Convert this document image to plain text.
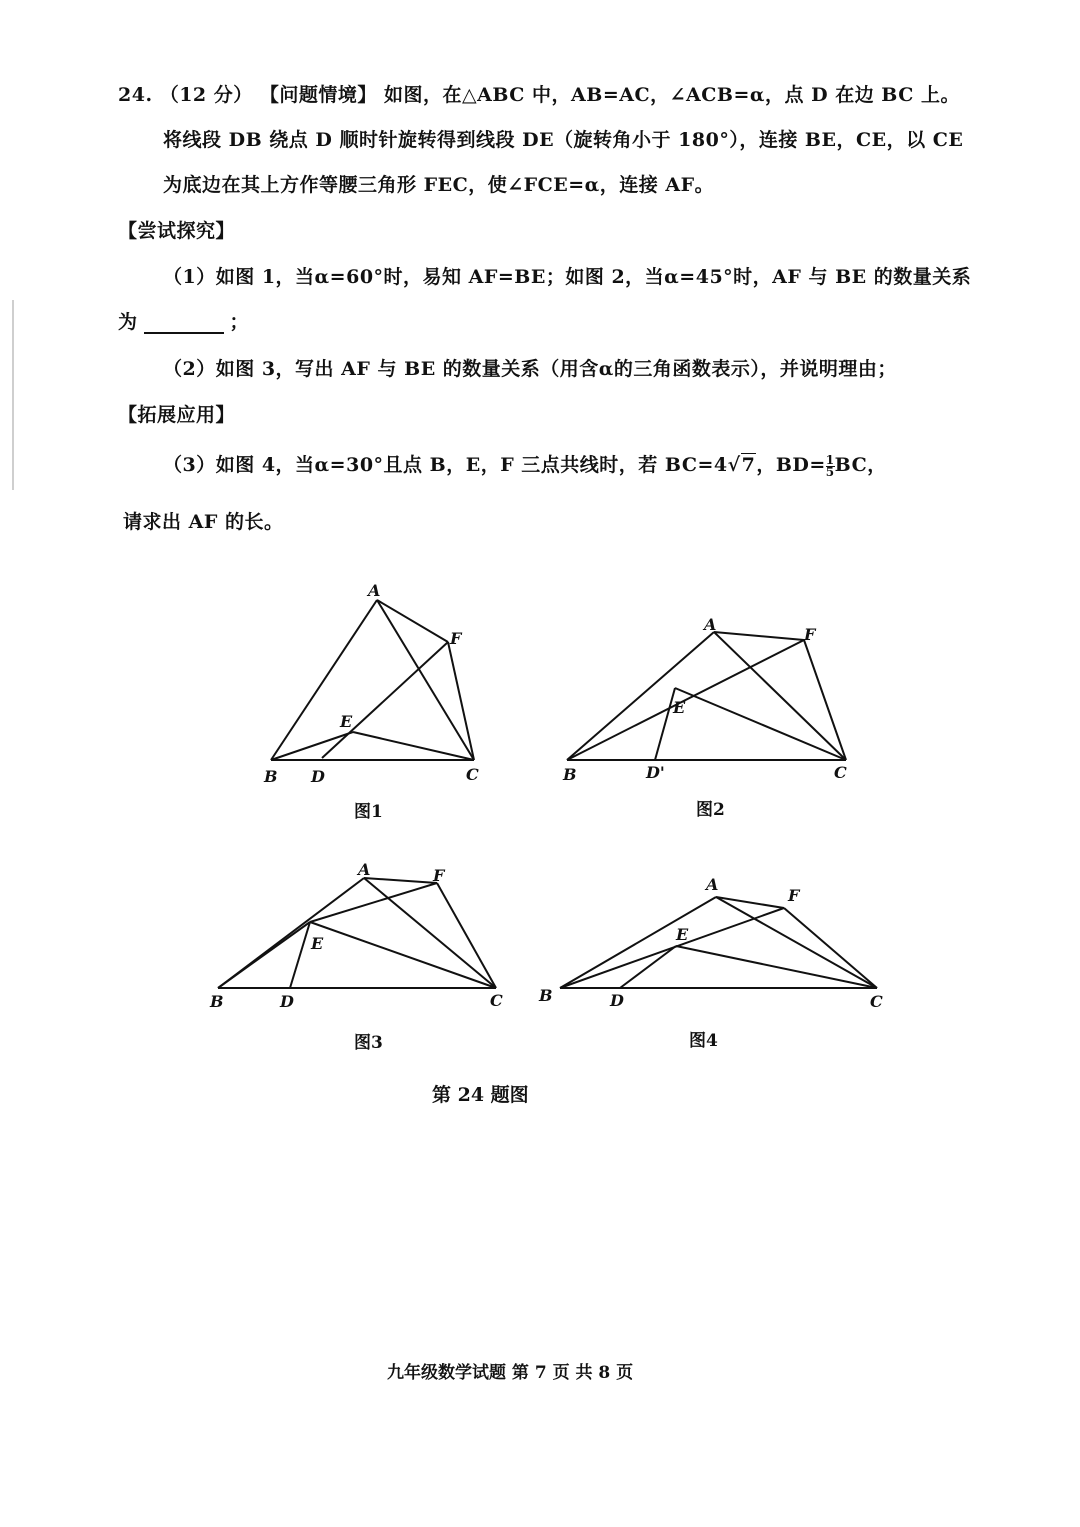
24. （12 分） 【问题情境】 如图，在△ABC 中，AB=AC，∠ACB=α，点 D 在边 BC 上。
将线段 DB 绕点 D 顺时针旋转得到线段 DE（旋转角小于 180°），连接 BE，CE，以 CE
为底边在其上方作等腰三角形 FEC，使∠FCE=α，连接 AF。
【尝试探究】
（1）如图 1，当α=60°时，易知 AF=BE；如图 2，当α=45°时，AF 与 BE 的数量关系
为	；
（2）如图 3，写出 AF 与 BE 的数量关系（用含α的三角函数表示），并说明理由；
【拓展应用】
（3）如图 4，当α=30°且点 B，E，F 三点共线时，若 BC=4√7，$BD= \frac{1}{5}$ BC，
请求出 AF 的长。
A
F
E
B D	C
A
F
E
B	D'	C
A	F
E
B	D	C
A
F
E
B	D	C
图1	图2
图3	图4
第 24 题图
九年级数学试题 第 7 页 共 8 页
